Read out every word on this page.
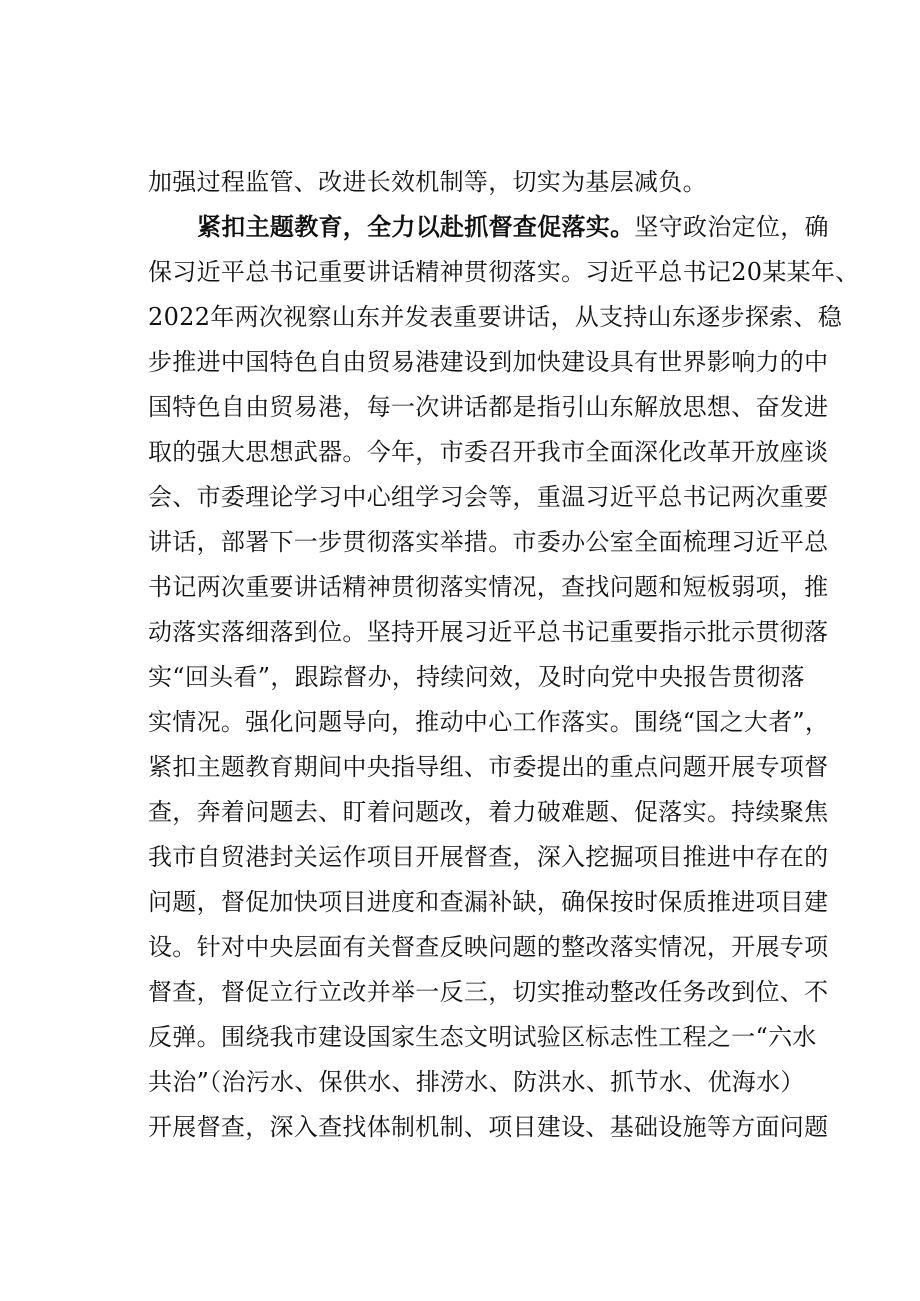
加强过程监管、改进长效机制等，切实为基层减负。
紧扣主题教育，全力以赴抓督查促落实。坚守政治定位，确
保习近平总书记重要讲话精神贯彻落实。习近平总书记20某某年、
2022年两次视察山东并发表重要讲话，从支持山东逐步探索、稳
步推进中国特色自由贸易港建设到加快建设具有世界影响力的中
国特色自由贸易港，每一次讲话都是指引山东解放思想、奋发进
取的强大思想武器。今年，市委召开我市全面深化改革开放座谈
会、市委理论学习中心组学习会等，重温习近平总书记两次重要
讲话，部署下一步贯彻落实举措。市委办公室全面梳理习近平总
书记两次重要讲话精神贯彻落实情况，查找问题和短板弱项，推
动落实落细落到位。坚持开展习近平总书记重要指示批示贯彻落
实“回头看”，跟踪督办，持续问效，及时向党中央报告贯彻落
实情况。强化问题导向，推动中心工作落实。围绕“国之大者”，
紧扣主题教育期间中央指导组、市委提出的重点问题开展专项督
查，奔着问题去、盯着问题改，着力破难题、促落实。持续聚焦
我市自贸港封关运作项目开展督查，深入挖掘项目推进中存在的
问题，督促加快项目进度和查漏补缺，确保按时保质推进项目建
设。针对中央层面有关督查反映问题的整改落实情况，开展专项
督查，督促立行立改并举一反三，切实推动整改任务改到位、不
反弹。围绕我市建设国家生态文明试验区标志性工程之一“六水
共治”（治污水、保供水、排涝水、防洪水、抓节水、优海水）
开展督查，深入查找体制机制、项目建设、基础设施等方面问题
